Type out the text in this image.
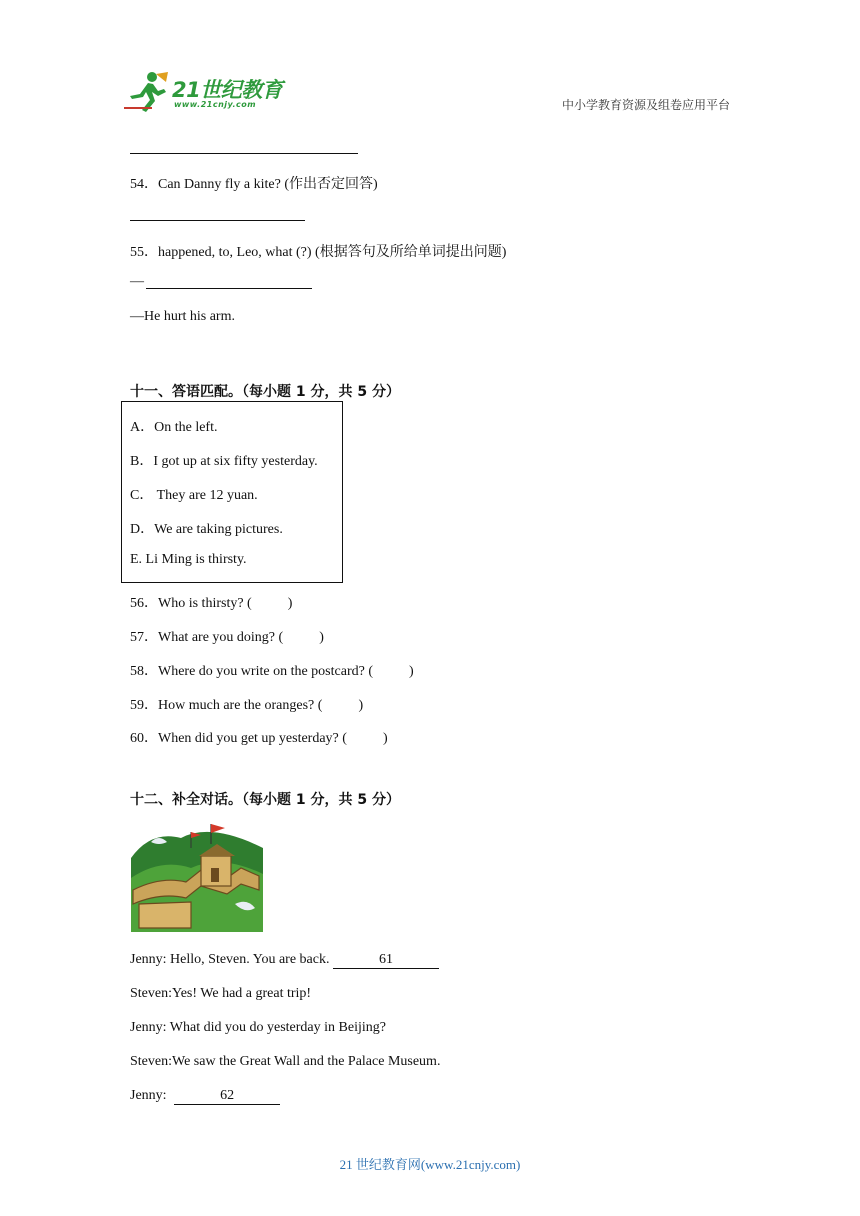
21世纪教育
www.21cnjy.com	中小学教育资源及组卷应用平台
54．Can Danny fly a kite? (作出否定回答)
55．happened, to, Leo, what (?) (根据答句及所给单词提出问题)
—
—He hurt his arm.
十一、答语匹配。（每小题 1 分，共 5 分）
A．On the left.
B．I got up at six fifty yesterday.
C． They are 12 yuan.
D．We are taking pictures.
E. Li Ming is thirsty.
56．Who is thirsty? (	)
57．What are you doing? (	)
58．Where do you write on the postcard? (	)
59．How much are the oranges? (	)
60．When did you get up yesterday? (	)
十二、补全对话。（每小题 1 分，共 5 分）
Jenny: Hello, Steven. You are back.	61
Steven:Yes! We had a great trip!
Jenny: What did you do yesterday in Beijing?
Steven:We saw the Great Wall and the Palace Museum.
Jenny:	62
21 世纪教育网(www.21cnjy.com)
